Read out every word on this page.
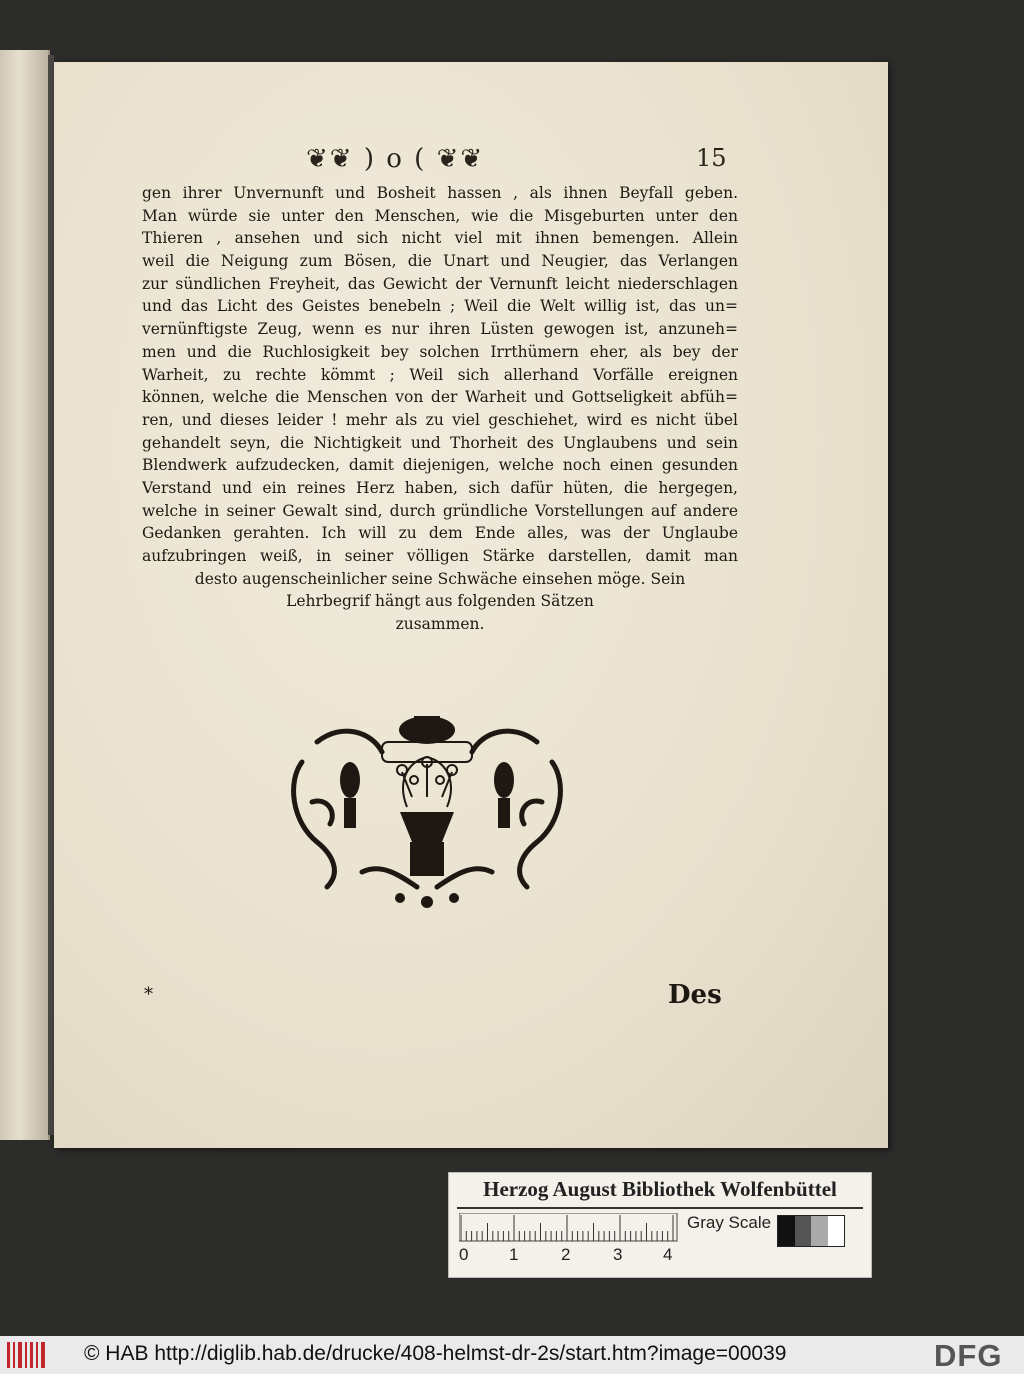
❦❦ ) o ( ❦❦	15
gen ihrer Unvernunft und Bosheit hassen , als ihnen Beyfall geben.
Man würde sie unter den Menschen, wie die Misgeburten unter den
Thieren , ansehen und sich nicht viel mit ihnen bemengen. Allein
weil die Neigung zum Bösen, die Unart und Neugier, das Verlangen
zur sündlichen Freyheit, das Gewicht der Vernunft leicht niederschlagen
und das Licht des Geistes benebeln ; Weil die Welt willig ist, das un=
vernünftigste Zeug, wenn es nur ihren Lüsten gewogen ist, anzuneh=
men und die Ruchlosigkeit bey solchen Irrthümern eher, als bey der
Warheit, zu rechte kömmt ; Weil sich allerhand Vorfälle ereignen
können, welche die Menschen von der Warheit und Gottseligkeit abfüh=
ren, und dieses leider ! mehr als zu viel geschiehet, wird es nicht übel
gehandelt seyn, die Nichtigkeit und Thorheit des Unglaubens und sein
Blendwerk aufzudecken, damit diejenigen, welche noch einen gesunden
Verstand und ein reines Herz haben, sich dafür hüten, die hergegen,
welche in seiner Gewalt sind, durch gründliche Vorstellungen auf andere
Gedanken gerahten. Ich will zu dem Ende alles, was der Unglaube
aufzubringen weiß, in seiner völligen Stärke darstellen, damit man
desto augenscheinlicher seine Schwäche einsehen möge. Sein
Lehrbegrif hängt aus folgenden Sätzen
zusammen.
*	Des
Herzog August Bibliothek Wolfenbüttel
0 1	2	3 4
Gray Scale
© HAB http://diglib.hab.de/drucke/408-helmst-dr-2s/start.htm?image=00039	DFG
